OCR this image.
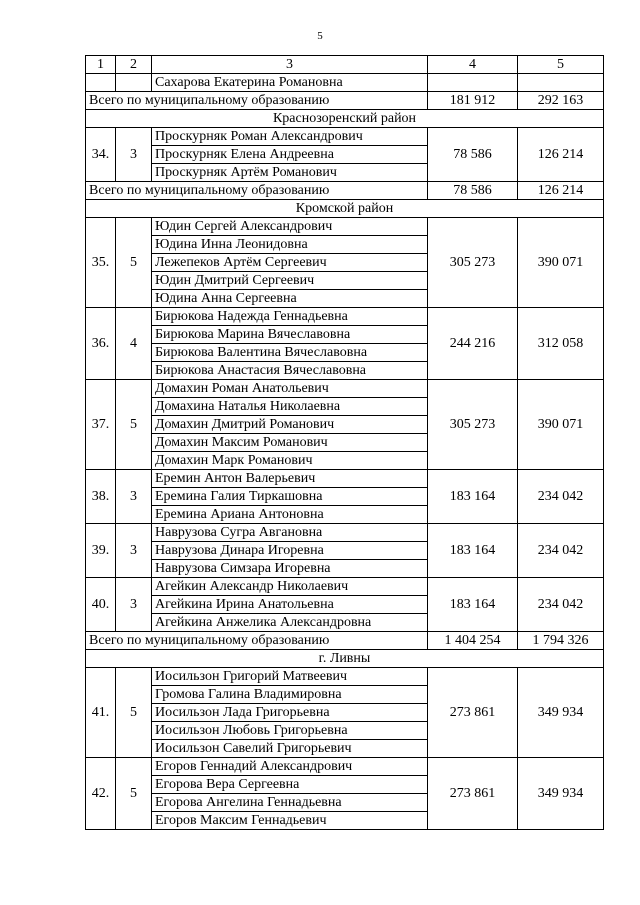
5
1	2	3	4	5
		Сахарова Екатерина Романовна		
Всего по муниципальному образованию			181 912	292 163
Краснозоренский район				
34.	3	Проскурняк Роман Александрович	78 586	126 214
		Проскурняк Елена Андреевна		
		Проскурняк Артём Романович		
Всего по муниципальному образованию			78 586	126 214
Кромской район				
35.	5	Юдин Сергей Александрович	305 273	390 071
		Юдина Инна Леонидовна		
		Лежепеков Артём Сергеевич		
		Юдин Дмитрий Сергеевич		
		Юдина Анна Сергеевна		
36.	4	Бирюкова Надежда Геннадьевна	244 216	312 058
		Бирюкова Марина Вячеславовна		
		Бирюкова Валентина Вячеславовна		
		Бирюкова Анастасия Вячеславовна		
37.	5	Домахин Роман Анатольевич	305 273	390 071
		Домахина Наталья Николаевна		
		Домахин Дмитрий Романович		
		Домахин Максим Романович		
		Домахин Марк Романович		
38.	3	Еремин Антон Валерьевич	183 164	234 042
		Еремина Галия Тиркашовна		
		Еремина Ариана Антоновна		
39.	3	Наврузова Сугра Авгановна	183 164	234 042
		Наврузова Динара Игоревна		
		Наврузова Симзара Игоревна		
40.	3	Агейкин Александр Николаевич	183 164	234 042
		Агейкина Ирина Анатольевна		
		Агейкина Анжелика Александровна		
Всего по муниципальному образованию			1 404 254	1 794 326
г. Ливны				
41.	5	Иосильзон Григорий Матвеевич	273 861	349 934
		Громова Галина Владимировна		
		Иосильзон Лада Григорьевна		
		Иосильзон Любовь Григорьевна		
		Иосильзон Савелий Григорьевич		
42.	5	Егоров Геннадий Александрович	273 861	349 934
		Егорова Вера Сергеевна		
		Егорова Ангелина Геннадьевна		
		Егоров Максим Геннадьевич		
